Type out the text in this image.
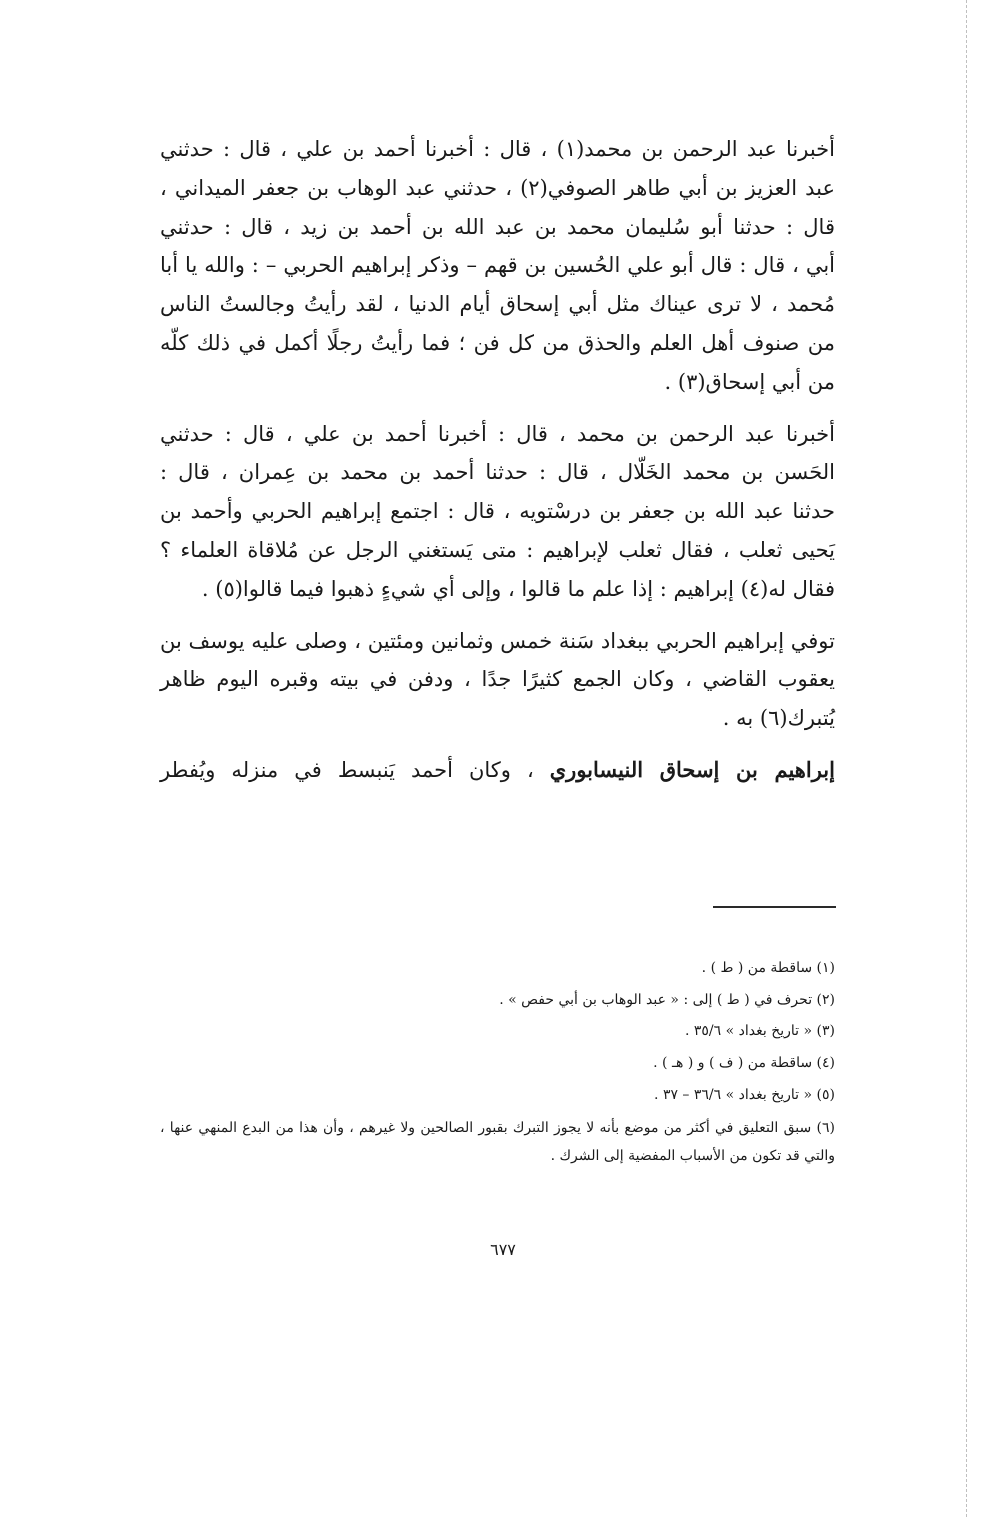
أخبرنا عبد الرحمن بن محمد(١) ، قال : أخبرنا أحمد بن علي ، قال : حدثني
عبد العزيز بن أبي طاهر الصوفي(٢) ، حدثني عبد الوهاب بن جعفر الميداني ،
قال : حدثنا أبو سُليمان محمد بن عبد الله بن أحمد بن زيد ، قال : حدثني
أبي ، قال : قال أبو علي الحُسين بن قهم – وذكر إبراهيم الحربي – : والله يا أبا
مُحمد ، لا ترى عيناك مثل أبي إسحاق أيام الدنيا ، لقد رأيتُ وجالستُ الناس
من صنوف أهل العلم والحذق من كل فن ؛ فما رأيتُ رجلًا أكمل في ذلك كلّه
من أبي إسحاق(٣) .

أخبرنا عبد الرحمن بن محمد ، قال : أخبرنا أحمد بن علي ، قال : حدثني
الحَسن بن محمد الخَلّال ، قال : حدثنا أحمد بن محمد بن عِمران ، قال :
حدثنا عبد الله بن جعفر بن درسْتويه ، قال : اجتمع إبراهيم الحربي وأحمد بن
يَحيى ثعلب ، فقال ثعلب لإبراهيم : متى يَستغني الرجل عن مُلاقاة العلماء ؟
فقال له(٤) إبراهيم : إذا علم ما قالوا ، وإلى أي شيءٍ ذهبوا فيما قالوا(٥) .

توفي إبراهيم الحربي ببغداد سَنة خمس وثمانين ومئتين ، وصلى عليه يوسف بن
يعقوب القاضي ، وكان الجمع كثيرًا جدًا ، ودفن في بيته وقبره اليوم ظاهر
يُتبرك(٦) به .

إبراهيم بن إسحاق النيسابوري ، وكان أحمد يَنبسط في منزله ويُفطر

(١) ساقطة من ( ط ) .
(٢) تحرف في ( ط ) إلى : « عبد الوهاب بن أبي حفص » .
(٣) « تاريخ بغداد » ٣٥/٦ .
(٤) ساقطة من ( ف ) و ( هـ ) .
(٥) « تاريخ بغداد » ٣٦/٦ – ٣٧ .
(٦) سبق التعليق في أكثر من موضع بأنه لا يجوز التبرك بقبور الصالحين ولا غيرهم ، وأن هذا من البدع المنهي عنها ، والتي قد تكون من الأسباب المفضية إلى الشرك .
٦٧٧
